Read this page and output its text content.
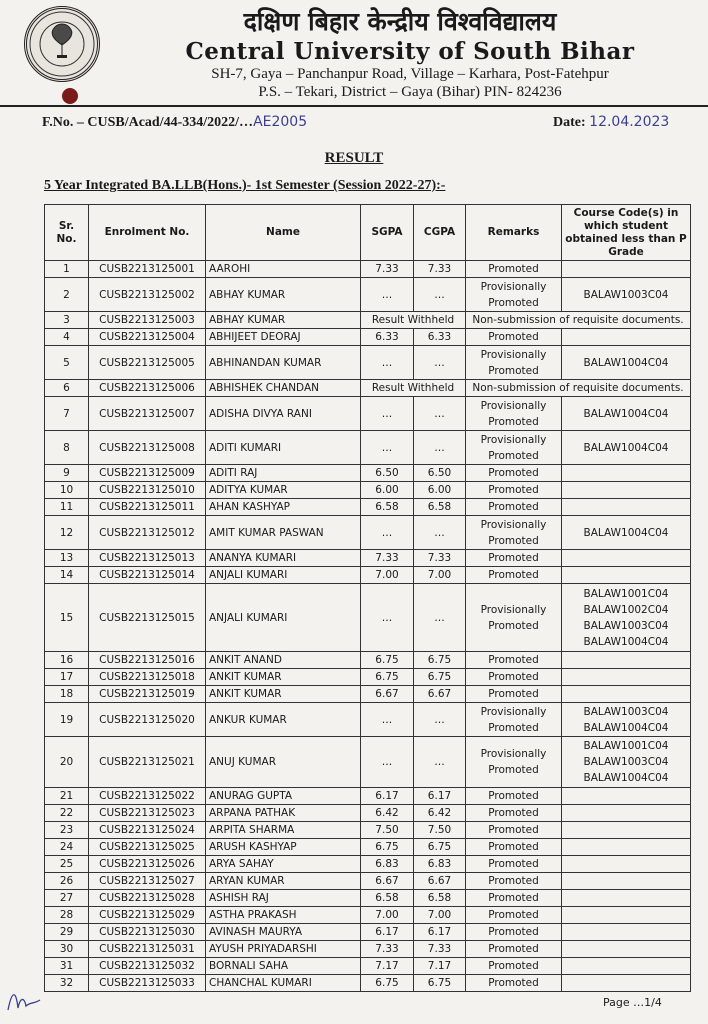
दक्षिण बिहार केन्द्रीय विश्वविद्यालय
Central University of South Bihar
SH-7, Gaya – Panchanpur Road, Village – Karhara, Post-Fatehpur
P.S. – Tekari, District – Gaya (Bihar) PIN- 824236
F.No. – CUSB/Acad/44-334/2022/…AE2005	Date: 12.04.2023
RESULT
5 Year Integrated BA.LLB(Hons.)- 1st Semester (Session 2022-27):-
Sr. No.	Enrolment No.	Name	SGPA	CGPA	Remarks	Course Code(s) in which student obtained less than P Grade
1	CUSB2213125001	AAROHI	7.33	7.33	Promoted	
2	CUSB2213125002	ABHAY KUMAR	…	…	Provisionally Promoted	BALAW1003C04
3	CUSB2213125003	ABHAY KUMAR	Result Withheld		Non-submission of requisite documents.	
4	CUSB2213125004	ABHIJEET DEORAJ	6.33	6.33	Promoted	
5	CUSB2213125005	ABHINANDAN KUMAR	…	…	Provisionally Promoted	BALAW1004C04
6	CUSB2213125006	ABHISHEK CHANDAN	Result Withheld		Non-submission of requisite documents.	
7	CUSB2213125007	ADISHA DIVYA RANI	…	…	Provisionally Promoted	BALAW1004C04
8	CUSB2213125008	ADITI KUMARI	…	…	Provisionally Promoted	BALAW1004C04
9	CUSB2213125009	ADITI RAJ	6.50	6.50	Promoted	
10	CUSB2213125010	ADITYA KUMAR	6.00	6.00	Promoted	
11	CUSB2213125011	AHAN KASHYAP	6.58	6.58	Promoted	
12	CUSB2213125012	AMIT KUMAR PASWAN	…	…	Provisionally Promoted	BALAW1004C04
13	CUSB2213125013	ANANYA KUMARI	7.33	7.33	Promoted	
14	CUSB2213125014	ANJALI KUMARI	7.00	7.00	Promoted	
15	CUSB2213125015	ANJALI KUMARI	…	…	Provisionally Promoted	BALAW1001C04 BALAW1002C04 BALAW1003C04 BALAW1004C04
16	CUSB2213125016	ANKIT ANAND	6.75	6.75	Promoted	
17	CUSB2213125018	ANKIT KUMAR	6.75	6.75	Promoted	
18	CUSB2213125019	ANKIT KUMAR	6.67	6.67	Promoted	
19	CUSB2213125020	ANKUR KUMAR	…	…	Provisionally Promoted	BALAW1003C04 BALAW1004C04
20	CUSB2213125021	ANUJ KUMAR	…	…	Provisionally Promoted	BALAW1001C04 BALAW1003C04 BALAW1004C04
21	CUSB2213125022	ANURAG GUPTA	6.17	6.17	Promoted	
22	CUSB2213125023	ARPANA PATHAK	6.42	6.42	Promoted	
23	CUSB2213125024	ARPITA SHARMA	7.50	7.50	Promoted	
24	CUSB2213125025	ARUSH KASHYAP	6.75	6.75	Promoted	
25	CUSB2213125026	ARYA SAHAY	6.83	6.83	Promoted	
26	CUSB2213125027	ARYAN KUMAR	6.67	6.67	Promoted	
27	CUSB2213125028	ASHISH RAJ	6.58	6.58	Promoted	
28	CUSB2213125029	ASTHA PRAKASH	7.00	7.00	Promoted	
29	CUSB2213125030	AVINASH MAURYA	6.17	6.17	Promoted	
30	CUSB2213125031	AYUSH PRIYADARSHI	7.33	7.33	Promoted	
31	CUSB2213125032	BORNALI SAHA	7.17	7.17	Promoted	
32	CUSB2213125033	CHANCHAL KUMARI	6.75	6.75	Promoted	
Page …1/4
